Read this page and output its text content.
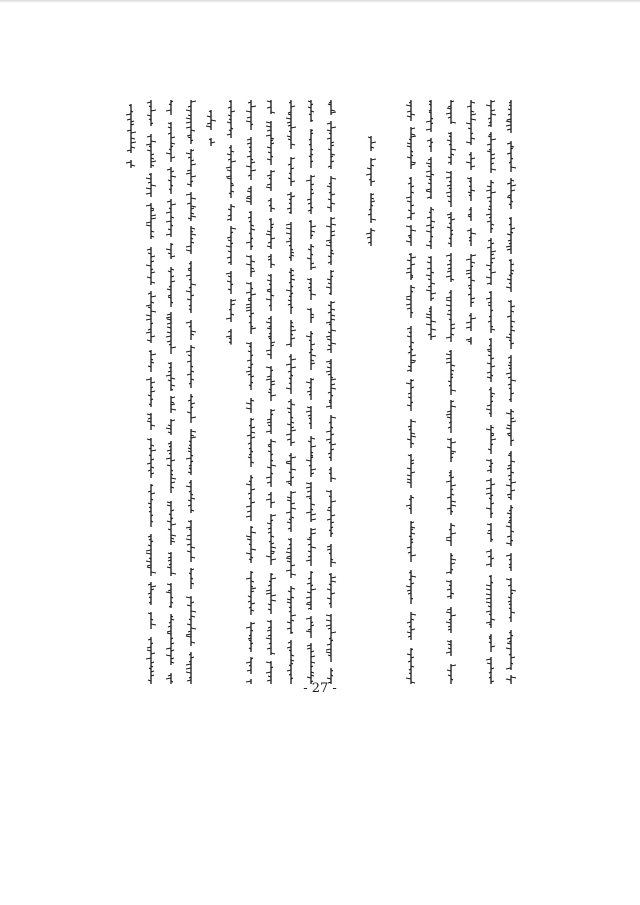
- 27 -
